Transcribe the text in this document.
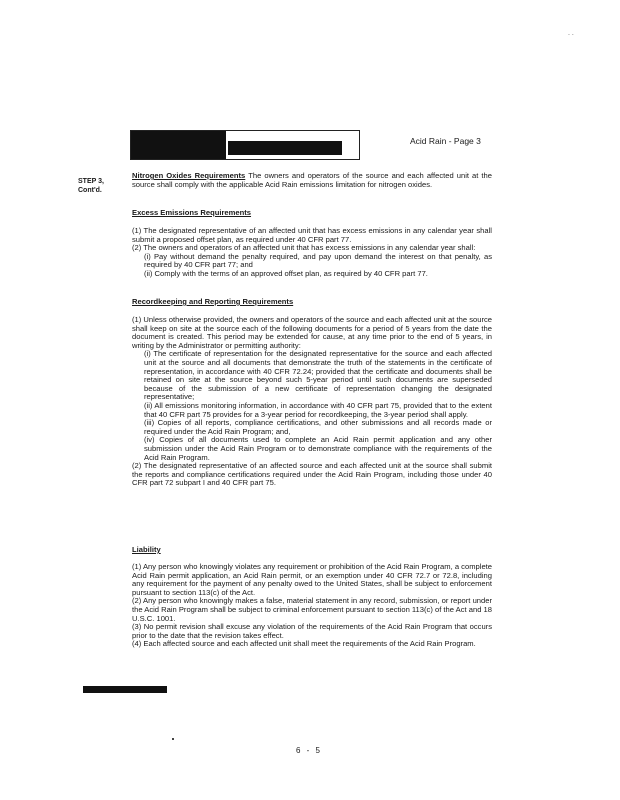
. .
Acid Rain - Page 3
STEP 3, Cont'd.

Nitrogen Oxides Requirements The owners and operators of the source and each affected unit at the source shall comply with the applicable Acid Rain emissions limitation for nitrogen oxides.

Excess Emissions Requirements

(1) The designated representative of an affected unit that has excess emissions in any calendar year shall submit a proposed offset plan, as required under 40 CFR part 77.

(2) The owners and operators of an affected unit that has excess emissions in any calendar year shall:

(i) Pay without demand the penalty required, and pay upon demand the interest on that penalty, as required by 40 CFR part 77; and

(ii) Comply with the terms of an approved offset plan, as required by 40 CFR part 77.

Recordkeeping and Reporting Requirements

(1) Unless otherwise provided, the owners and operators of the source and each affected unit at the source shall keep on site at the source each of the following documents for a period of 5 years from the date the document is created. This period may be extended for cause, at any time prior to the end of 5 years, in writing by the Administrator or permitting authority:

(i) The certificate of representation for the designated representative for the source and each affected unit at the source and all documents that demonstrate the truth of the statements in the certificate of representation, in accordance with 40 CFR 72.24; provided that the certificate and documents shall be retained on site at the source beyond such 5-year period until such documents are superseded because of the submission of a new certificate of representation changing the designated representative;

(ii) All emissions monitoring information, in accordance with 40 CFR part 75, provided that to the extent that 40 CFR part 75 provides for a 3-year period for recordkeeping, the 3-year period shall apply.

(iii) Copies of all reports, compliance certifications, and other submissions and all records made or required under the Acid Rain Program; and,

(iv) Copies of all documents used to complete an Acid Rain permit application and any other submission under the Acid Rain Program or to demonstrate compliance with the requirements of the Acid Rain Program.

(2) The designated representative of an affected source and each affected unit at the source shall submit the reports and compliance certifications required under the Acid Rain Program, including those under 40 CFR part 72 subpart I and 40 CFR part 75.

Liability

(1) Any person who knowingly violates any requirement or prohibition of the Acid Rain Program, a complete Acid Rain permit application, an Acid Rain permit, or an exemption under 40 CFR 72.7 or 72.8, including any requirement for the payment of any penalty owed to the United States, shall be subject to enforcement pursuant to section 113(c) of the Act.

(2) Any person who knowingly makes a false, material statement in any record, submission, or report under the Acid Rain Program shall be subject to criminal enforcement pursuant to section 113(c) of the Act and 18 U.S.C. 1001.

(3) No permit revision shall excuse any violation of the requirements of the Acid Rain Program that occurs prior to the date that the revision takes effect.

(4) Each affected source and each affected unit shall meet the requirements of the Acid Rain Program.

6 - 5
